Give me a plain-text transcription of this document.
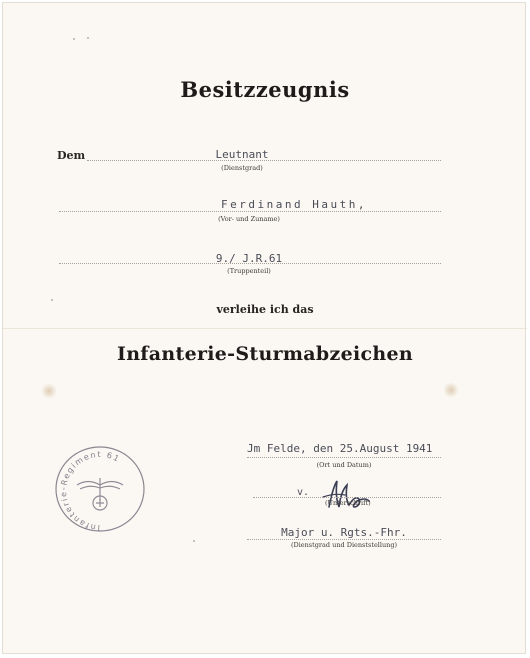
Besitzzeugnis
Dem	Leutnant
(Dienstgrad)
Ferdinand Hauth,
(Vor- und Zuname)
9./ J.R.61
(Truppenteil)
verleihe ich das
Infanterie-Sturmabzeichen
Infanterie-Regiment 61
Jm Felde, den 25.August 1941
(Ort und Datum)
v.
(Unterschrift)
Major u. Rgts.-Fhr.
(Dienstgrad und Dienststellung)
